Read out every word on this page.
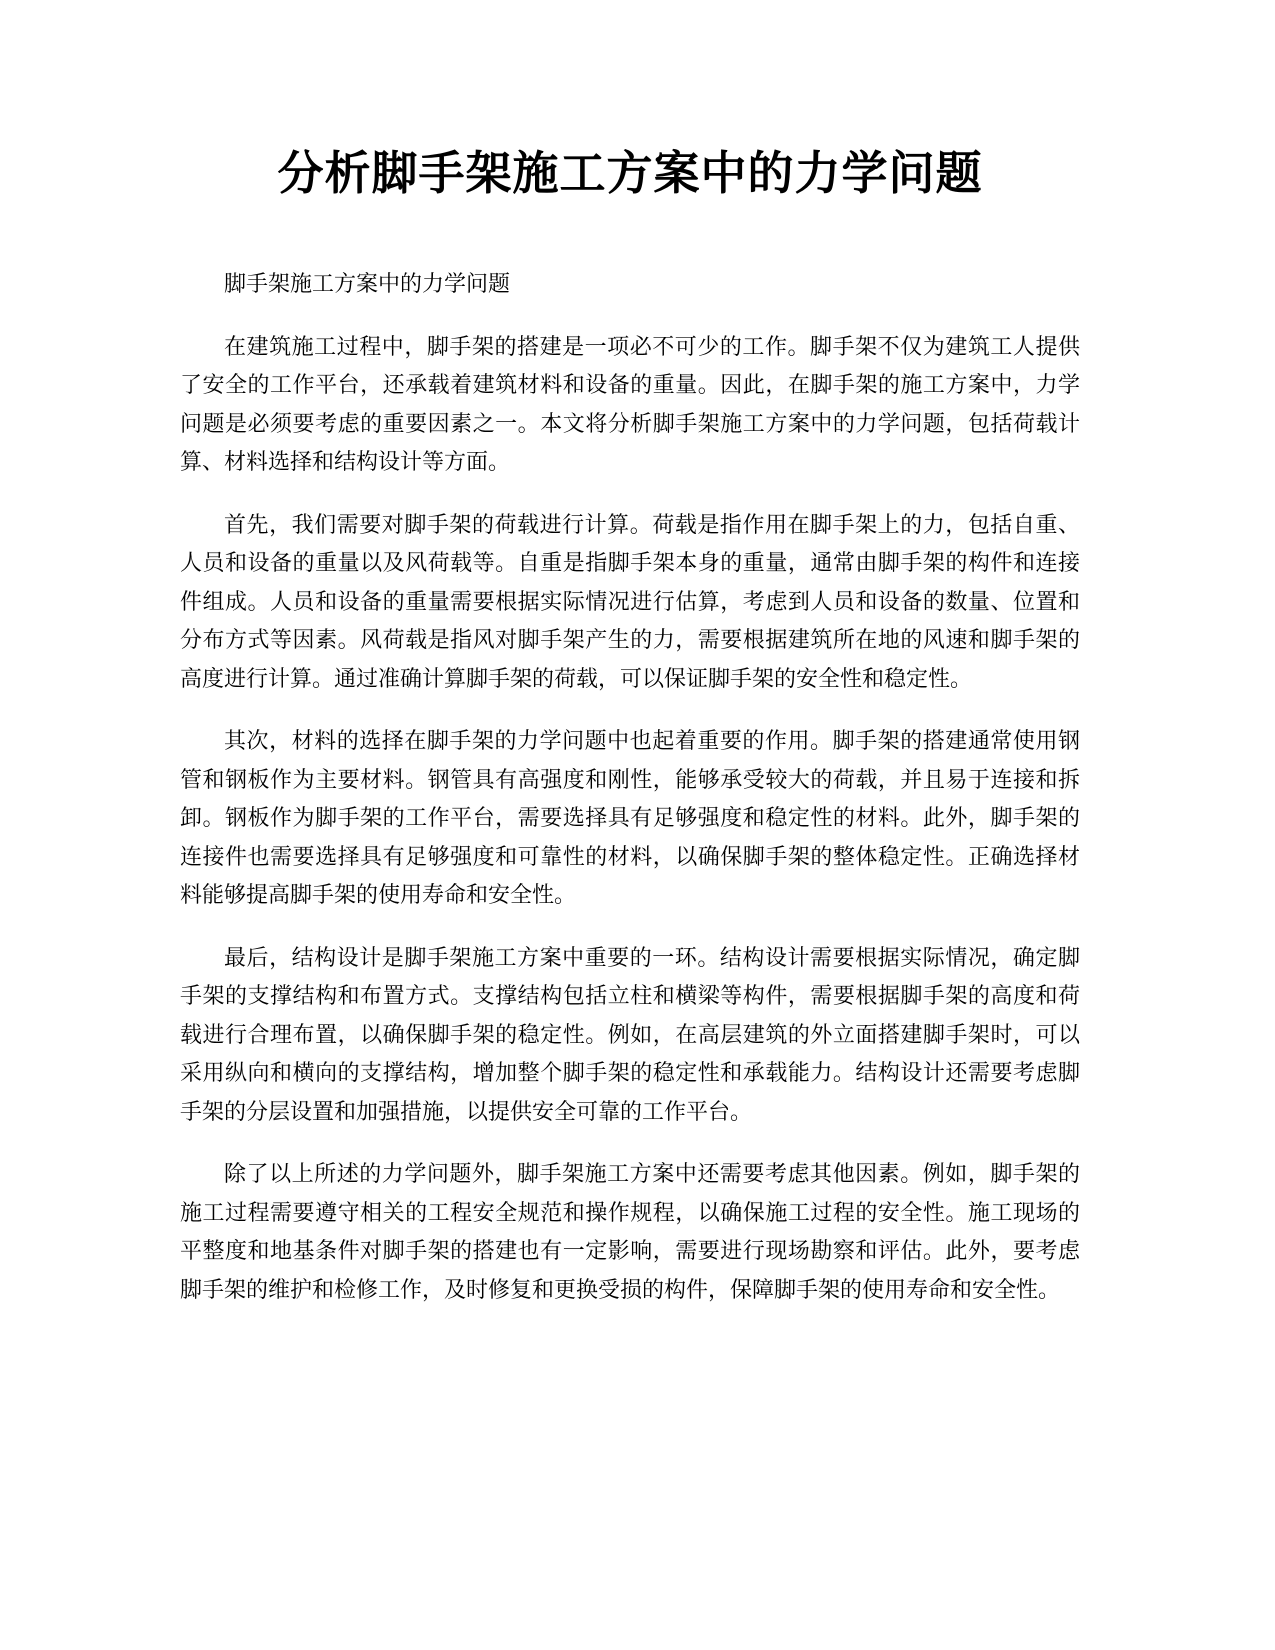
分析脚手架施工方案中的力学问题

脚手架施工方案中的力学问题

在建筑施工过程中，脚手架的搭建是一项必不可少的工作。脚手架不仅为建筑工人提供了安全的工作平台，还承载着建筑材料和设备的重量。因此，在脚手架的施工方案中，力学问题是必须要考虑的重要因素之一。本文将分析脚手架施工方案中的力学问题，包括荷载计算、材料选择和结构设计等方面。

首先，我们需要对脚手架的荷载进行计算。荷载是指作用在脚手架上的力，包括自重、人员和设备的重量以及风荷载等。自重是指脚手架本身的重量，通常由脚手架的构件和连接件组成。人员和设备的重量需要根据实际情况进行估算，考虑到人员和设备的数量、位置和分布方式等因素。风荷载是指风对脚手架产生的力，需要根据建筑所在地的风速和脚手架的高度进行计算。通过准确计算脚手架的荷载，可以保证脚手架的安全性和稳定性。

其次，材料的选择在脚手架的力学问题中也起着重要的作用。脚手架的搭建通常使用钢管和钢板作为主要材料。钢管具有高强度和刚性，能够承受较大的荷载，并且易于连接和拆卸。钢板作为脚手架的工作平台，需要选择具有足够强度和稳定性的材料。此外，脚手架的连接件也需要选择具有足够强度和可靠性的材料，以确保脚手架的整体稳定性。正确选择材料能够提高脚手架的使用寿命和安全性。

最后，结构设计是脚手架施工方案中重要的一环。结构设计需要根据实际情况，确定脚手架的支撑结构和布置方式。支撑结构包括立柱和横梁等构件，需要根据脚手架的高度和荷载进行合理布置，以确保脚手架的稳定性。例如，在高层建筑的外立面搭建脚手架时，可以采用纵向和横向的支撑结构，增加整个脚手架的稳定性和承载能力。结构设计还需要考虑脚手架的分层设置和加强措施，以提供安全可靠的工作平台。

除了以上所述的力学问题外，脚手架施工方案中还需要考虑其他因素。例如，脚手架的施工过程需要遵守相关的工程安全规范和操作规程，以确保施工过程的安全性。施工现场的平整度和地基条件对脚手架的搭建也有一定影响，需要进行现场勘察和评估。此外，要考虑脚手架的维护和检修工作，及时修复和更换受损的构件，保障脚手架的使用寿命和安全性。
